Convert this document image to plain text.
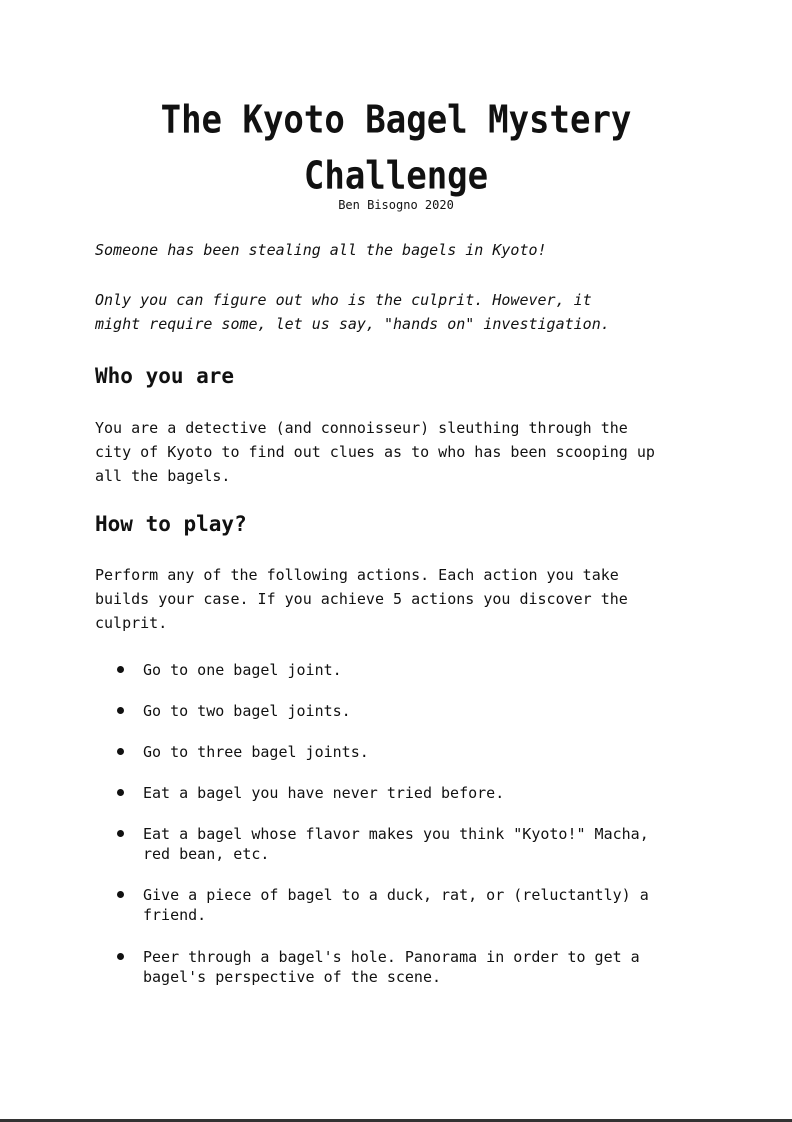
The Kyoto Bagel Mystery
Challenge
Ben Bisogno 2020

Someone has been stealing all the bagels in Kyoto!

Only you can figure out who is the culprit. However, it
might require some, let us say, "hands on" investigation.

Who you are

You are a detective (and connoisseur) sleuthing through the
city of Kyoto to find out clues as to who has been scooping up
all the bagels.

How to play?

Perform any of the following actions. Each action you take
builds your case. If you achieve 5 actions you discover the
culprit.

Go to one bagel joint.

Go to two bagel joints.

Go to three bagel joints.

Eat a bagel you have never tried before.

Eat a bagel whose flavor makes you think "Kyoto!" Macha,
red bean, etc.

Give a piece of bagel to a duck, rat, or (reluctantly) a
friend.

Peer through a bagel's hole. Panorama in order to get a
bagel's perspective of the scene.
